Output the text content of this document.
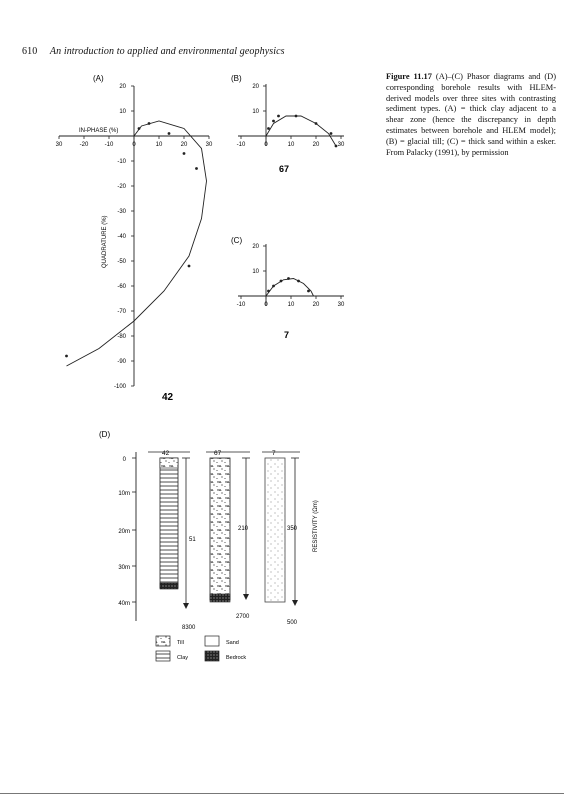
610 An introduction to applied and environmental geophysics
Figure 11.17 (A)–(C) Phasor diagrams and (D) corresponding borehole results with HLEM-derived models over three sites with contrasting sediment types. (A) = thick clay adjacent to a shear zone (hence the discrepancy in depth estimates between borehole and HLEM model); (B) = glacial till; (C) = thick sand within a esker. From Palacky (1991), by permission
(A)
20
10
-10
-20
-30
-40
-50
-60
-70
-80
-90
-100
30	-20	-10	0	10	20	30
IN-PHASE (%)
QUADRATURE (%)
42
(B)
20
10
-10	0	10	20	30
67
(C)
20
10
-10	0	10	20	30
7
(D)
0
10m
20m
30m
40m
42
51
8300
67
210
2700
7
350
500
RESISTIVITY (Ωm)
Till	Sand
Clay	Bedrock
